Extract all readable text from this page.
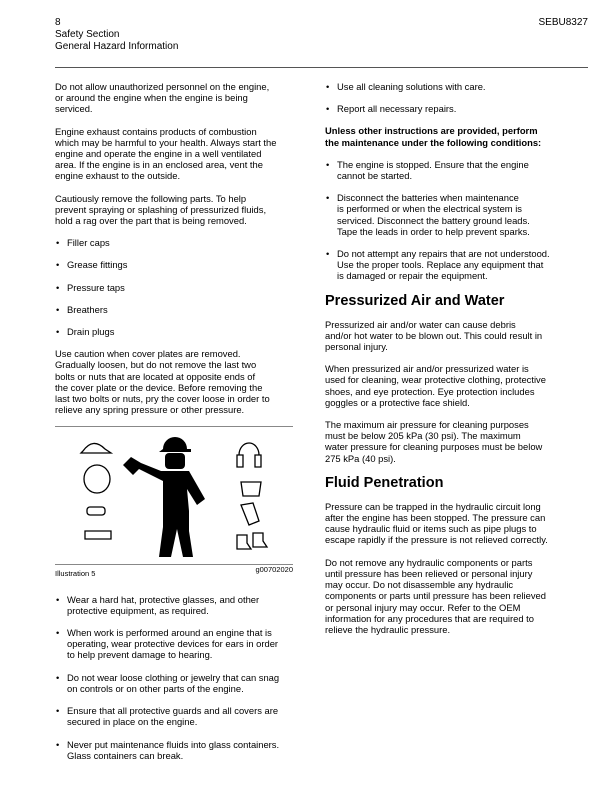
8
Safety Section
General Hazard Information
SEBU8327
Do not allow unauthorized personnel on the engine,
or around the engine when the engine is being
serviced.
Engine exhaust contains products of combustion
which may be harmful to your health. Always start the
engine and operate the engine in a well ventilated
area. If the engine is in an enclosed area, vent the
engine exhaust to the outside.
Cautiously remove the following parts. To help
prevent spraying or splashing of pressurized fluids,
hold a rag over the part that is being removed.
• Filler caps
• Grease fittings
• Pressure taps
• Breathers
• Drain plugs
Use caution when cover plates are removed.
Gradually loosen, but do not remove the last two
bolts or nuts that are located at opposite ends of
the cover plate or the device. Before removing the
last two bolts or nuts, pry the cover loose in order to
relieve any spring pressure or other pressure.
Illustration 5	g00702020
• Wear a hard hat, protective glasses, and other
protective equipment, as required.
• When work is performed around an engine that is
operating, wear protective devices for ears in order
to help prevent damage to hearing.
• Do not wear loose clothing or jewelry that can snag
on controls or on other parts of the engine.
• Ensure that all protective guards and all covers are
secured in place on the engine.
• Never put maintenance fluids into glass containers.
Glass containers can break.
• Use all cleaning solutions with care.
• Report all necessary repairs.
Unless other instructions are provided, perform
the maintenance under the following conditions:
• The engine is stopped. Ensure that the engine
cannot be started.
• Disconnect the batteries when maintenance
is performed or when the electrical system is
serviced. Disconnect the battery ground leads.
Tape the leads in order to help prevent sparks.
• Do not attempt any repairs that are not understood.
Use the proper tools. Replace any equipment that
is damaged or repair the equipment.
Pressurized Air and Water
Pressurized air and/or water can cause debris
and/or hot water to be blown out. This could result in
personal injury.
When pressurized air and/or pressurized water is
used for cleaning, wear protective clothing, protective
shoes, and eye protection. Eye protection includes
goggles or a protective face shield.
The maximum air pressure for cleaning purposes
must be below 205 kPa (30 psi). The maximum
water pressure for cleaning purposes must be below
275 kPa (40 psi).
Fluid Penetration
Pressure can be trapped in the hydraulic circuit long
after the engine has been stopped. The pressure can
cause hydraulic fluid or items such as pipe plugs to
escape rapidly if the pressure is not relieved correctly.
Do not remove any hydraulic components or parts
until pressure has been relieved or personal injury
may occur. Do not disassemble any hydraulic
components or parts until pressure has been relieved
or personal injury may occur. Refer to the OEM
information for any procedures that are required to
relieve the hydraulic pressure.
